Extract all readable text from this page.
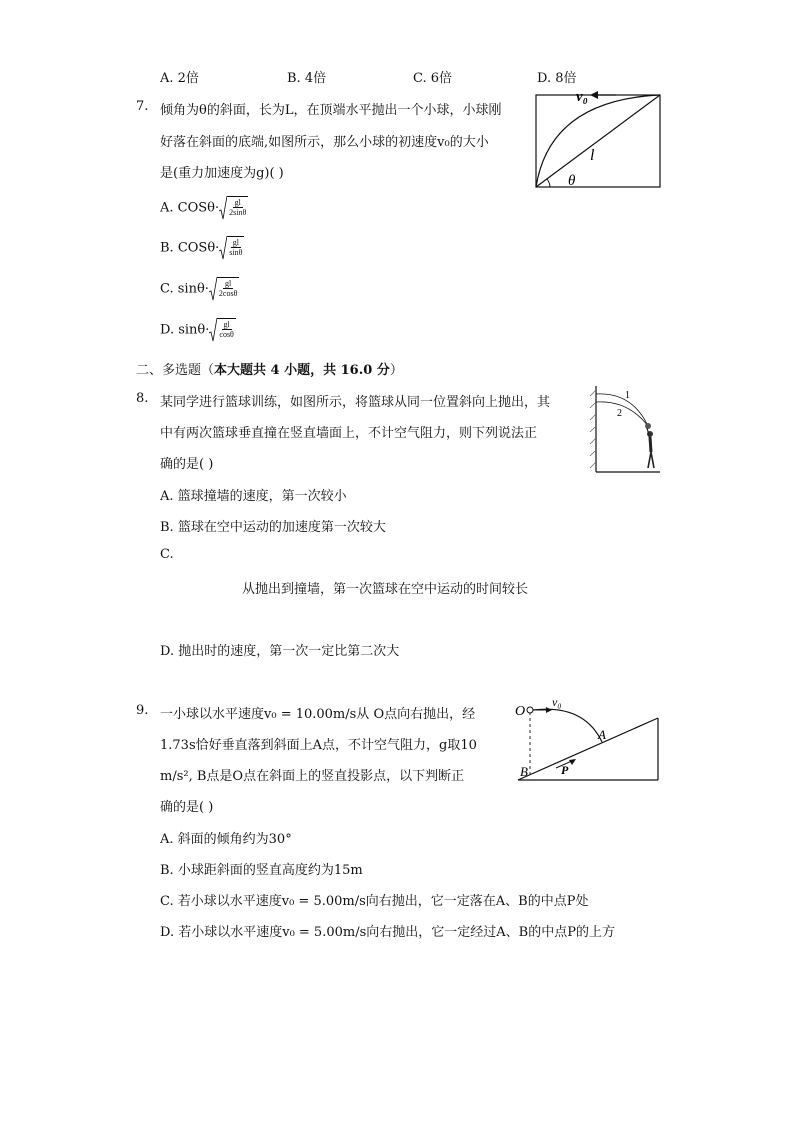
A. 2倍	B. 4倍	C. 6倍	D. 8倍
7. 倾角为θ的斜面，长为L，在顶端水平抛出一个小球，小球刚
好落在斜面的底端,如图所示，那么小球的初速度v₀的大小
是(重力加速度为g)( )
A. $COS\theta\cdot \frac{gl}{2\sin\theta}$
B. $COS\theta\cdot \frac{gl}{\sin\theta}$
C. $\sin\theta\cdot \frac{gl}{2\cos\theta}$
D. $\sin\theta\cdot \frac{gl}{\cos\theta}$
v₀
l
θ
二、多选题（本大题共 4 小题，共 16.0 分）
8. 某同学进行篮球训练，如图所示，将篮球从同一位置斜向上抛出，其
中有两次篮球垂直撞在竖直墙面上，不计空气阻力，则下列说法正
确的是( )
A. 篮球撞墙的速度，第一次较小
B. 篮球在空中运动的加速度第一次较大
C.
从抛出到撞墙，第一次篮球在空中运动的时间较长
D. 抛出时的速度，第一次一定比第二次大
1
2
9. 一小球以水平速度v₀ = 10.00m/s从 O点向右抛出，经
1.73s恰好垂直落到斜面上A点，不计空气阻力，g取10
m/s², B点是O点在斜面上的竖直投影点，以下判断正
确的是( )
A. 斜面的倾角约为30°
B. 小球距斜面的竖直高度约为15m
C. 若小球以水平速度v₀ = 5.00m/s向右抛出，它一定落在A、B的中点P处
D. 若小球以水平速度v₀ = 5.00m/s向右抛出，它一定经过A、B的中点P的上方
O
v₀
A
B	P
